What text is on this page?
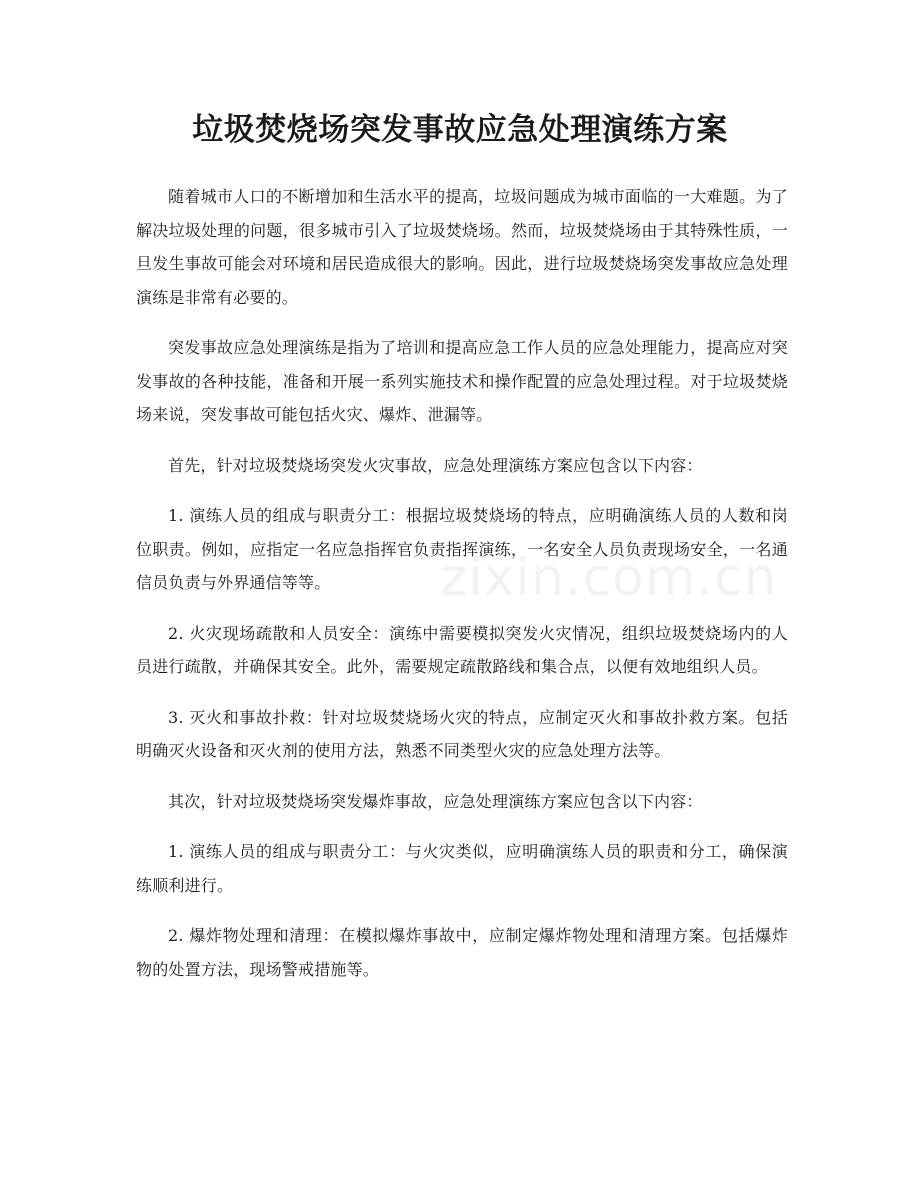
垃圾焚烧场突发事故应急处理演练方案

随着城市人口的不断增加和生活水平的提高，垃圾问题成为城市面临的一大难题。为了解决垃圾处理的问题，很多城市引入了垃圾焚烧场。然而，垃圾焚烧场由于其特殊性质，一旦发生事故可能会对环境和居民造成很大的影响。因此，进行垃圾焚烧场突发事故应急处理演练是非常有必要的。

突发事故应急处理演练是指为了培训和提高应急工作人员的应急处理能力，提高应对突发事故的各种技能，准备和开展一系列实施技术和操作配置的应急处理过程。对于垃圾焚烧场来说，突发事故可能包括火灾、爆炸、泄漏等。

首先，针对垃圾焚烧场突发火灾事故，应急处理演练方案应包含以下内容：

1. 演练人员的组成与职责分工：根据垃圾焚烧场的特点，应明确演练人员的人数和岗位职责。例如，应指定一名应急指挥官负责指挥演练，一名安全人员负责现场安全，一名通信员负责与外界通信等等。

2. 火灾现场疏散和人员安全：演练中需要模拟突发火灾情况，组织垃圾焚烧场内的人员进行疏散，并确保其安全。此外，需要规定疏散路线和集合点，以便有效地组织人员。

3. 灭火和事故扑救：针对垃圾焚烧场火灾的特点，应制定灭火和事故扑救方案。包括明确灭火设备和灭火剂的使用方法，熟悉不同类型火灾的应急处理方法等。

其次，针对垃圾焚烧场突发爆炸事故，应急处理演练方案应包含以下内容：

1. 演练人员的组成与职责分工：与火灾类似，应明确演练人员的职责和分工，确保演练顺利进行。

2. 爆炸物处理和清理：在模拟爆炸事故中，应制定爆炸物处理和清理方案。包括爆炸物的处置方法，现场警戒措施等。

zixin.com.cn
